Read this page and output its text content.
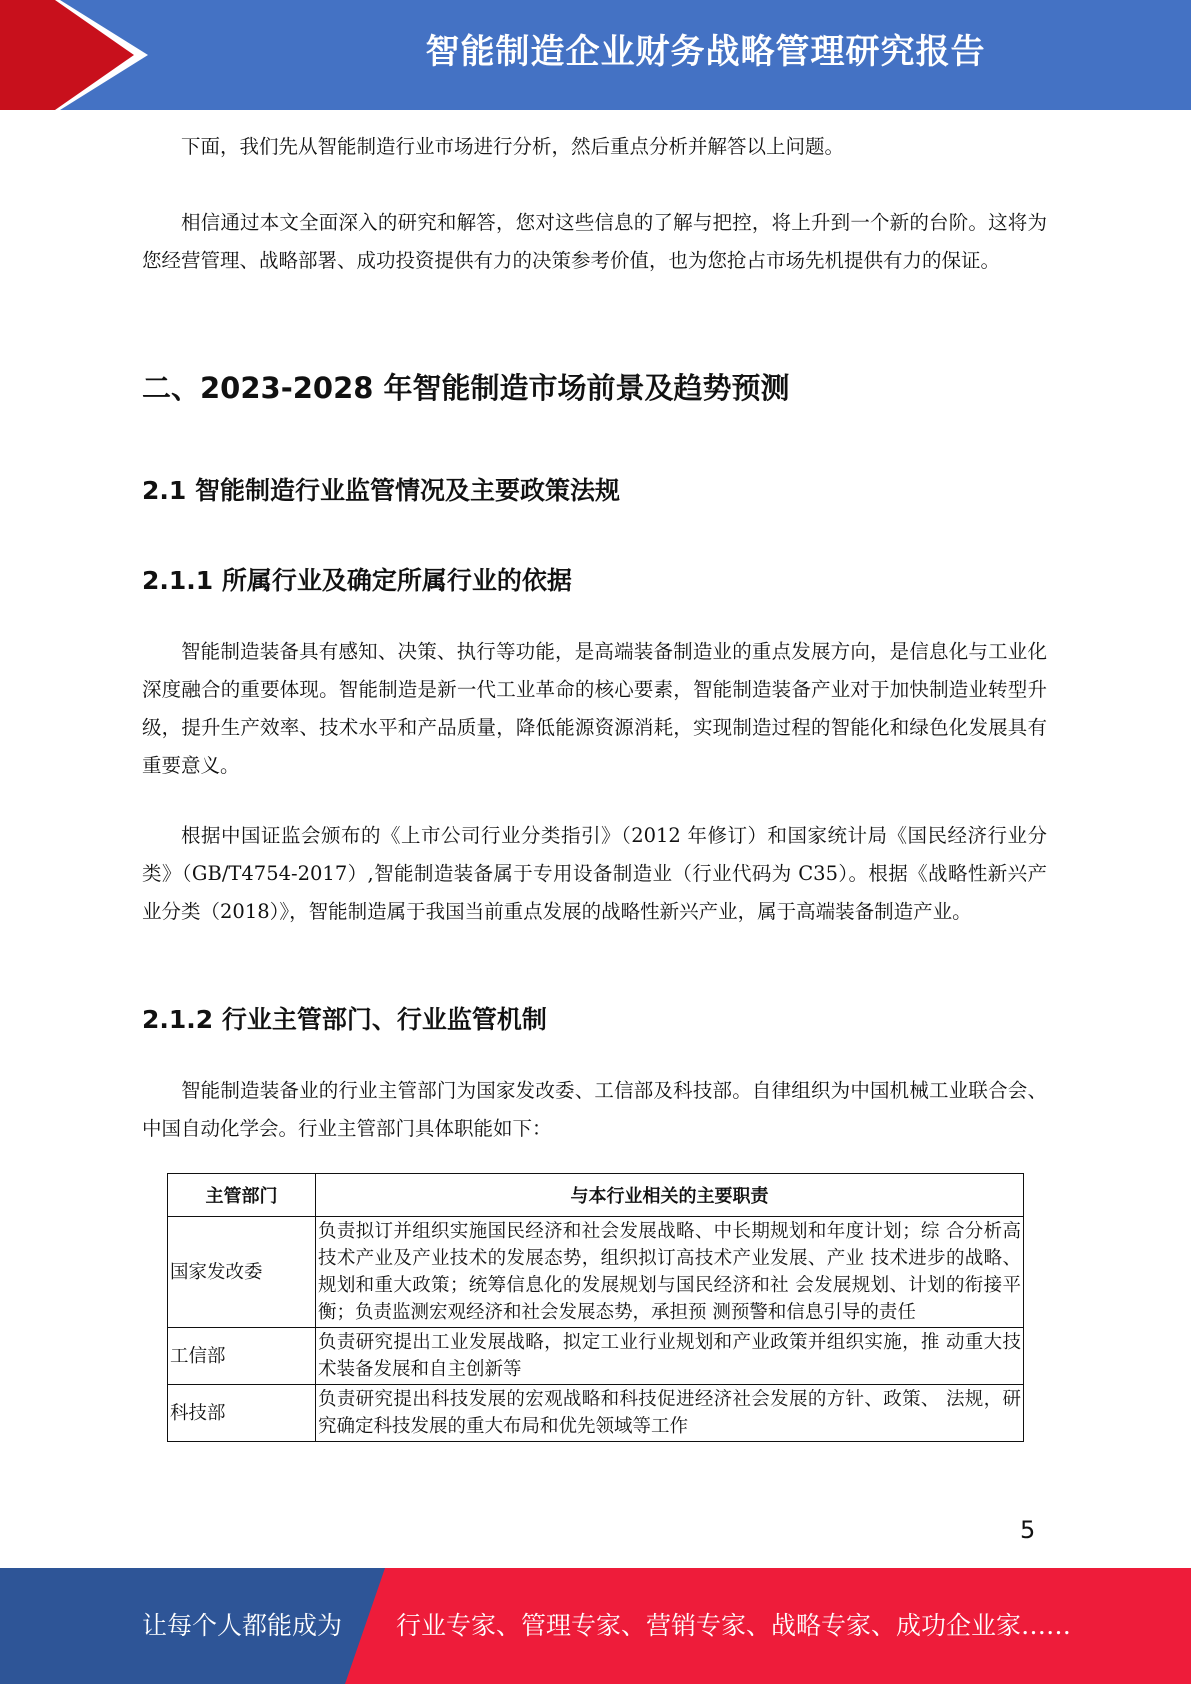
智能制造企业财务战略管理研究报告

下面，我们先从智能制造行业市场进行分析，然后重点分析并解答以上问题。

相信通过本文全面深入的研究和解答，您对这些信息的了解与把控，将上升到一个新的台阶。这将为您经营管理、战略部署、成功投资提供有力的决策参考价值，也为您抢占市场先机提供有力的保证。

二、2023-2028 年智能制造市场前景及趋势预测
2.1 智能制造行业监管情况及主要政策法规
2.1.1 所属行业及确定所属行业的依据

智能制造装备具有感知、决策、执行等功能，是高端装备制造业的重点发展方向，是信息化与工业化深度融合的重要体现。智能制造是新一代工业革命的核心要素，智能制造装备产业对于加快制造业转型升级，提升生产效率、技术水平和产品质量，降低能源资源消耗，实现制造过程的智能化和绿色化发展具有重要意义。

根据中国证监会颁布的《上市公司行业分类指引》（2012 年修订）和国家统计局《国民经济行业分类》（GB/T4754-2017）,智能制造装备属于专用设备制造业（行业代码为 C35）。根据《战略性新兴产业分类（2018）》，智能制造属于我国当前重点发展的战略性新兴产业，属于高端装备制造产业。

2.1.2 行业主管部门、行业监管机制

智能制造装备业的行业主管部门为国家发改委、工信部及科技部。自律组织为中国机械工业联合会、中国自动化学会。行业主管部门具体职能如下：

主管部门	与本行业相关的主要职责
国家发改委	负责拟订并组织实施国民经济和社会发展战略、中长期规划和年度计划；综 合分析高技术产业及产业技术的发展态势，组织拟订高技术产业发展、产业 技术进步的战略、规划和重大政策；统筹信息化的发展规划与国民经济和社 会发展规划、计划的衔接平衡；负责监测宏观经济和社会发展态势，承担预 测预警和信息引导的责任
工信部	负责研究提出工业发展战略，拟定工业行业规划和产业政策并组织实施，推 动重大技术装备发展和自主创新等
科技部	负责研究提出科技发展的宏观战略和科技促进经济社会发展的方针、政策、 法规，研究确定科技发展的重大布局和优先领域等工作
5
让每个人都能成为 行业专家、管理专家、营销专家、战略专家、成功企业家……
